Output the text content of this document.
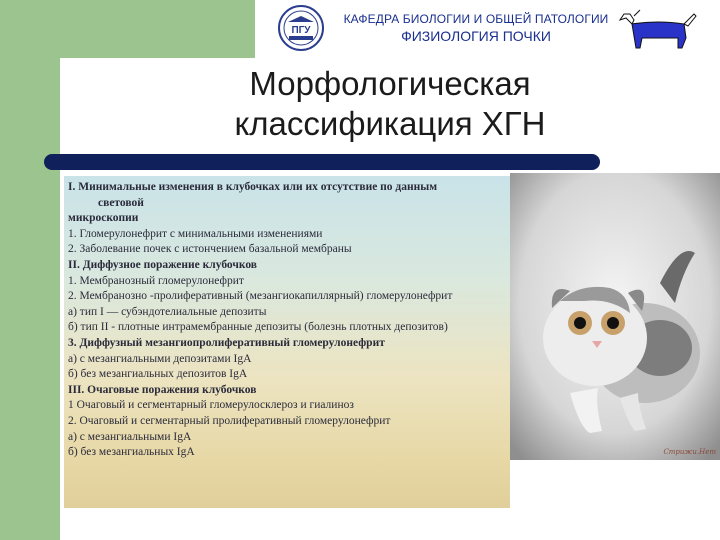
ПГУ
КАФЕДРА БИОЛОГИИ И ОБЩЕЙ ПАТОЛОГИИ
ФИЗИОЛОГИЯ ПОЧКИ
Морфологическая
классификация ХГН
I. Минимальные изменения в клубочках или их отсутствие по данным
световой
микроскопии
1. Гломерулонефрит с минимальными изменениями
2. Заболевание почек с истончением базальной мембраны
II. Диффузное поражение клубочков
1. Мембранозный гломерулонефрит
2. Мембранозно -пролиферативный (мезангиокапиллярный) гломерулонефрит
а) тип I — субэндотелиальные депозиты
б) тип II - плотные интрамембранные депозиты (болезнь плотных депозитов)
3. Диффузный мезангиопролиферативный гломерулонефрит
а) с мезангиальными депозитами IgA
б) без мезангиальных депозитов IgA
III. Очаговые поражения клубочков
1 Очаговый и сегментарный гломерулосклероз и гиалиноз
2. Очаговый и сегментарный пролиферативный гломерулонефрит
а) с мезангиальными IgA
б) без мезангиальных IgA	Стрижи.Нет
